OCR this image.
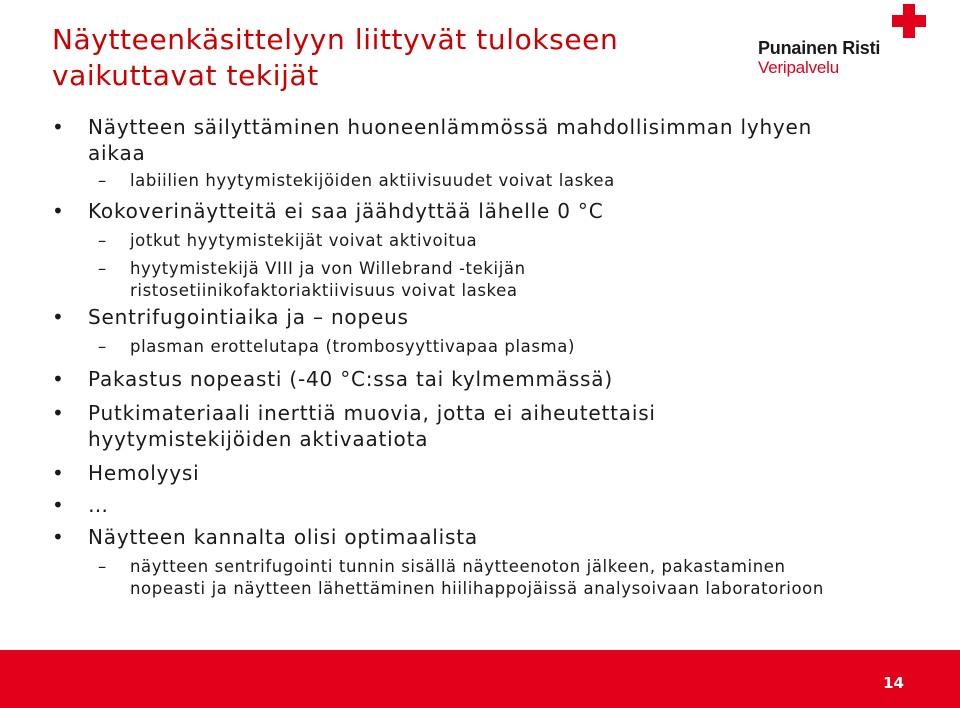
Näytteenkäsittelyyn liittyvät tulokseen
vaikuttavat tekijät
Punainen Risti
Veripalvelu
•	Näytteen säilyttäminen huoneenlämmössä mahdollisimman lyhyen aikaa
– labiilien hyytymistekijöiden aktiivisuudet voivat laskea
•	Kokoverinäytteitä ei saa jäähdyttää lähelle 0 °C
– jotkut hyytymistekijät voivat aktivoitua
– hyytymistekijä VIII ja von Willebrand -tekijän ristosetiinikofaktoriaktiivisuus voivat laskea
•	Sentrifugointiaika ja – nopeus
– plasman erottelutapa (trombosyyttivapaa plasma)
•	Pakastus nopeasti (-40 °C:ssa tai kylmemmässä)
•	Putkimateriaali inerttiä muovia, jotta ei aiheutettaisi hyytymistekijöiden aktivaatiota
•	Hemolyysi
•	…
•	Näytteen kannalta olisi optimaalista
– näytteen sentrifugointi tunnin sisällä näytteenoton jälkeen, pakastaminen nopeasti ja näytteen lähettäminen hiilihappojäissä analysoivaan laboratorioon
14
